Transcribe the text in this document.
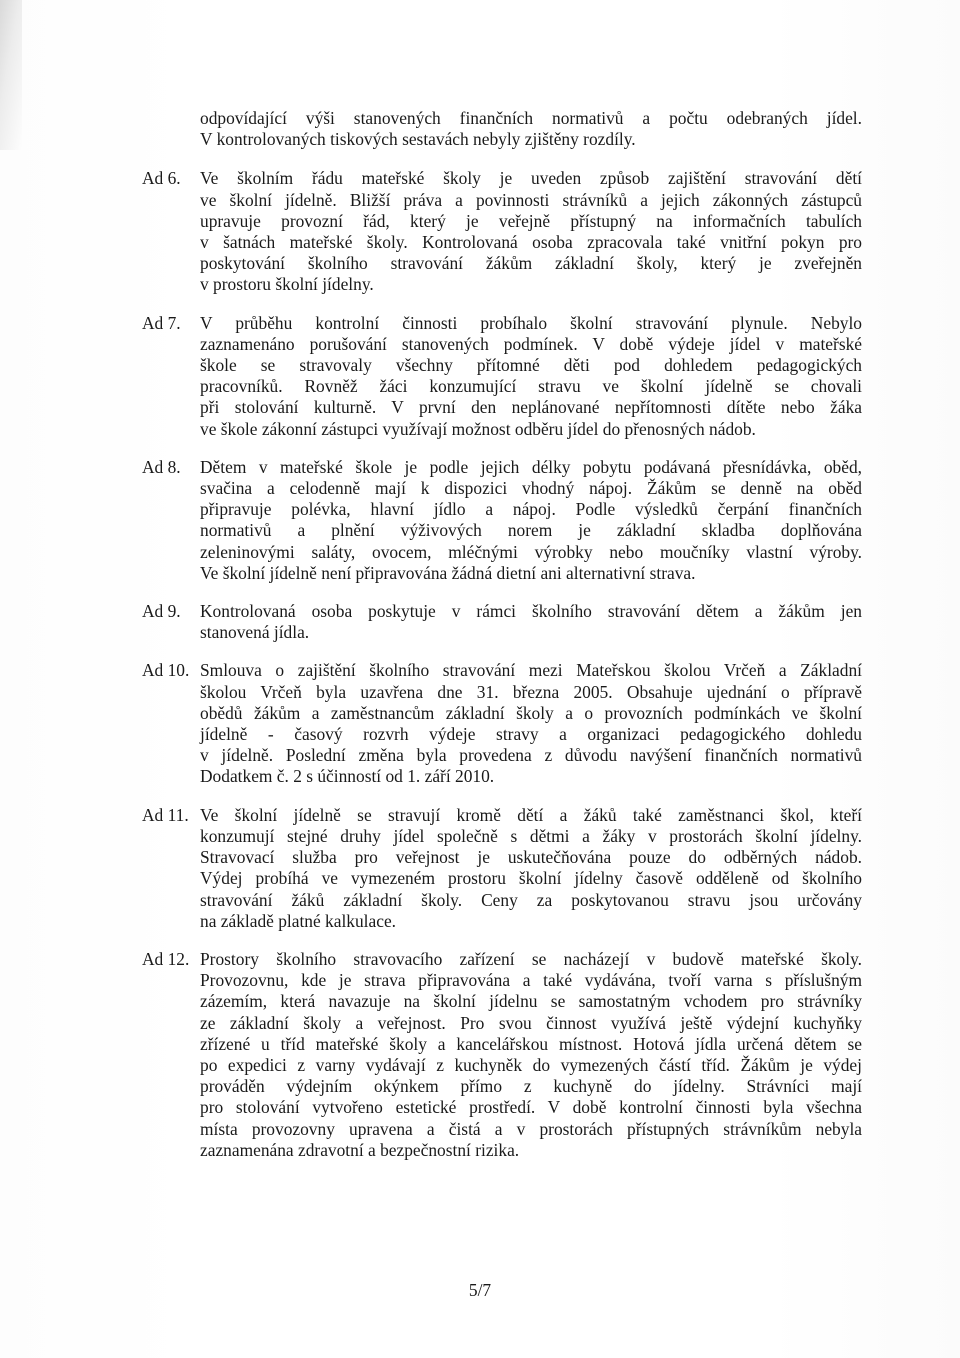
odpovídající výši stanovených finančních normativů a počtu odebraných jídel.
V kontrolovaných tiskových sestavách nebyly zjištěny rozdíly.
Ad 6.	Ve školním řádu mateřské školy je uveden způsob zajištění stravování dětí
ve školní jídelně. Bližší práva a povinnosti strávníků a jejich zákonných zástupců
upravuje provozní řád, který je veřejně přístupný na informačních tabulích
v šatnách mateřské školy. Kontrolovaná osoba zpracovala také vnitřní pokyn pro
poskytování školního stravování žákům základní školy, který je zveřejněn
v prostoru školní jídelny.
Ad 7.	V průběhu kontrolní činnosti probíhalo školní stravování plynule. Nebylo
zaznamenáno porušování stanovených podmínek. V době výdeje jídel v mateřské
škole se stravovaly všechny přítomné děti pod dohledem pedagogických
pracovníků. Rovněž žáci konzumující stravu ve školní jídelně se chovali
při stolování kulturně. V první den neplánované nepřítomnosti dítěte nebo žáka
ve škole zákonní zástupci využívají možnost odběru jídel do přenosných nádob.
Ad 8.	Dětem v mateřské škole je podle jejich délky pobytu podávaná přesnídávka, oběd,
svačina a celodenně mají k dispozici vhodný nápoj. Žákům se denně na oběd
připravuje polévka, hlavní jídlo a nápoj. Podle výsledků čerpání finančních
normativů a plnění výživových norem je základní skladba doplňována
zeleninovými saláty, ovocem, mléčnými výrobky nebo moučníky vlastní výroby.
Ve školní jídelně není připravována žádná dietní ani alternativní strava.
Ad 9.	Kontrolovaná osoba poskytuje v rámci školního stravování dětem a žákům jen
stanovená jídla.
Ad 10. Smlouva o zajištění školního stravování mezi Mateřskou školou Vrčeň a Základní
školou Vrčeň byla uzavřena dne 31. března 2005. Obsahuje ujednání o přípravě
obědů žákům a zaměstnancům základní školy a o provozních podmínkách ve školní
jídelně - časový rozvrh výdeje stravy a organizaci pedagogického dohledu
v jídelně. Poslední změna byla provedena z důvodu navýšení finančních normativů
Dodatkem č. 2 s účinností od 1. září 2010.
Ad 11. Ve školní jídelně se stravují kromě dětí a žáků také zaměstnanci škol, kteří
konzumují stejné druhy jídel společně s dětmi a žáky v prostorách školní jídelny.
Stravovací služba pro veřejnost je uskutečňována pouze do odběrných nádob.
Výdej probíhá ve vymezeném prostoru školní jídelny časově odděleně od školního
stravování žáků základní školy. Ceny za poskytovanou stravu jsou určovány
na základě platné kalkulace.
Ad 12. Prostory školního stravovacího zařízení se nacházejí v budově mateřské školy.
Provozovnu, kde je strava připravována a také vydávána, tvoří varna s příslušným
zázemím, která navazuje na školní jídelnu se samostatným vchodem pro strávníky
ze základní školy a veřejnost. Pro svou činnost využívá ještě výdejní kuchyňky
zřízené u tříd mateřské školy a kancelářskou místnost. Hotová jídla určená dětem se
po expedici z varny vydávají z kuchyněk do vymezených částí tříd. Žákům je výdej
prováděn výdejním okýnkem přímo z kuchyně do jídelny. Strávníci mají
pro stolování vytvořeno estetické prostředí. V době kontrolní činnosti byla všechna
místa provozovny upravena a čistá a v prostorách přístupných strávníkům nebyla
zaznamenána zdravotní a bezpečnostní rizika.
5/7
